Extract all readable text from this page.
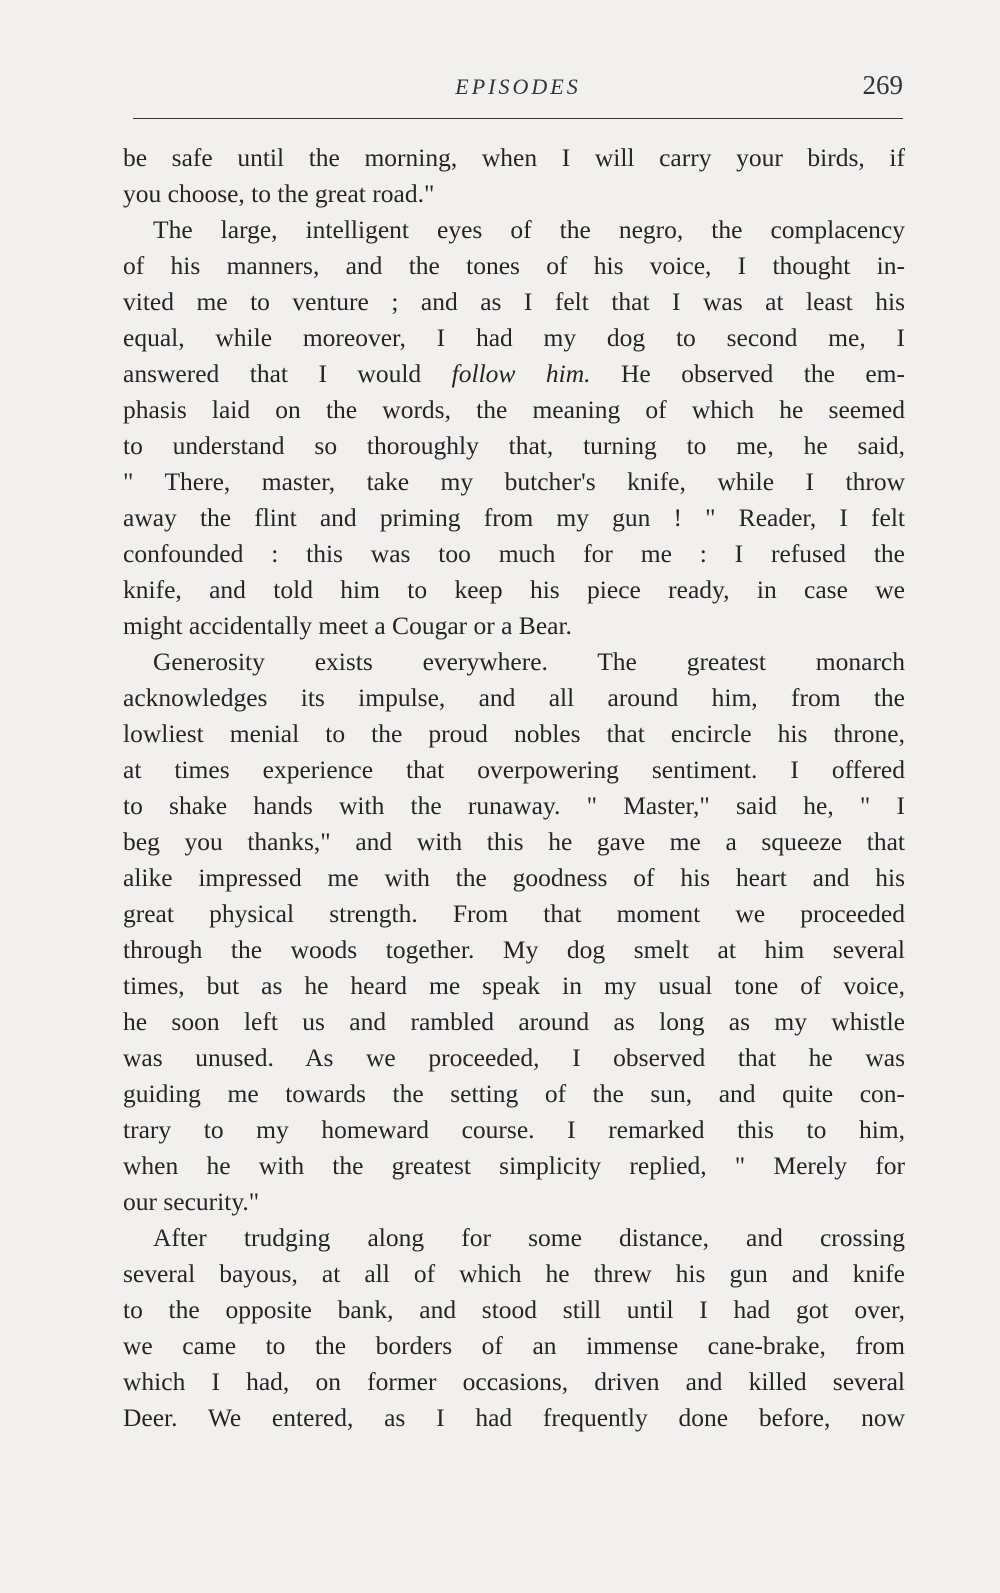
EPISODES	269
be safe until the morning, when I will carry your birds, if
you choose, to the great road."
The large, intelligent eyes of the negro, the complacency
of his manners, and the tones of his voice, I thought in-
vited me to venture ; and as I felt that I was at least his
equal, while moreover, I had my dog to second me, I
answered that I would follow him. He observed the em-
phasis laid on the words, the meaning of which he seemed
to understand so thoroughly that, turning to me, he said,
" There, master, take my butcher's knife, while I throw
away the flint and priming from my gun ! " Reader, I felt
confounded : this was too much for me : I refused the
knife, and told him to keep his piece ready, in case we
might accidentally meet a Cougar or a Bear.
Generosity exists everywhere. The greatest monarch
acknowledges its impulse, and all around him, from the
lowliest menial to the proud nobles that encircle his throne,
at times experience that overpowering sentiment. I offered
to shake hands with the runaway. " Master," said he, " I
beg you thanks," and with this he gave me a squeeze that
alike impressed me with the goodness of his heart and his
great physical strength. From that moment we proceeded
through the woods together. My dog smelt at him several
times, but as he heard me speak in my usual tone of voice,
he soon left us and rambled around as long as my whistle
was unused. As we proceeded, I observed that he was
guiding me towards the setting of the sun, and quite con-
trary to my homeward course. I remarked this to him,
when he with the greatest simplicity replied, " Merely for
our security."
After trudging along for some distance, and crossing
several bayous, at all of which he threw his gun and knife
to the opposite bank, and stood still until I had got over,
we came to the borders of an immense cane-brake, from
which I had, on former occasions, driven and killed several
Deer. We entered, as I had frequently done before, now
